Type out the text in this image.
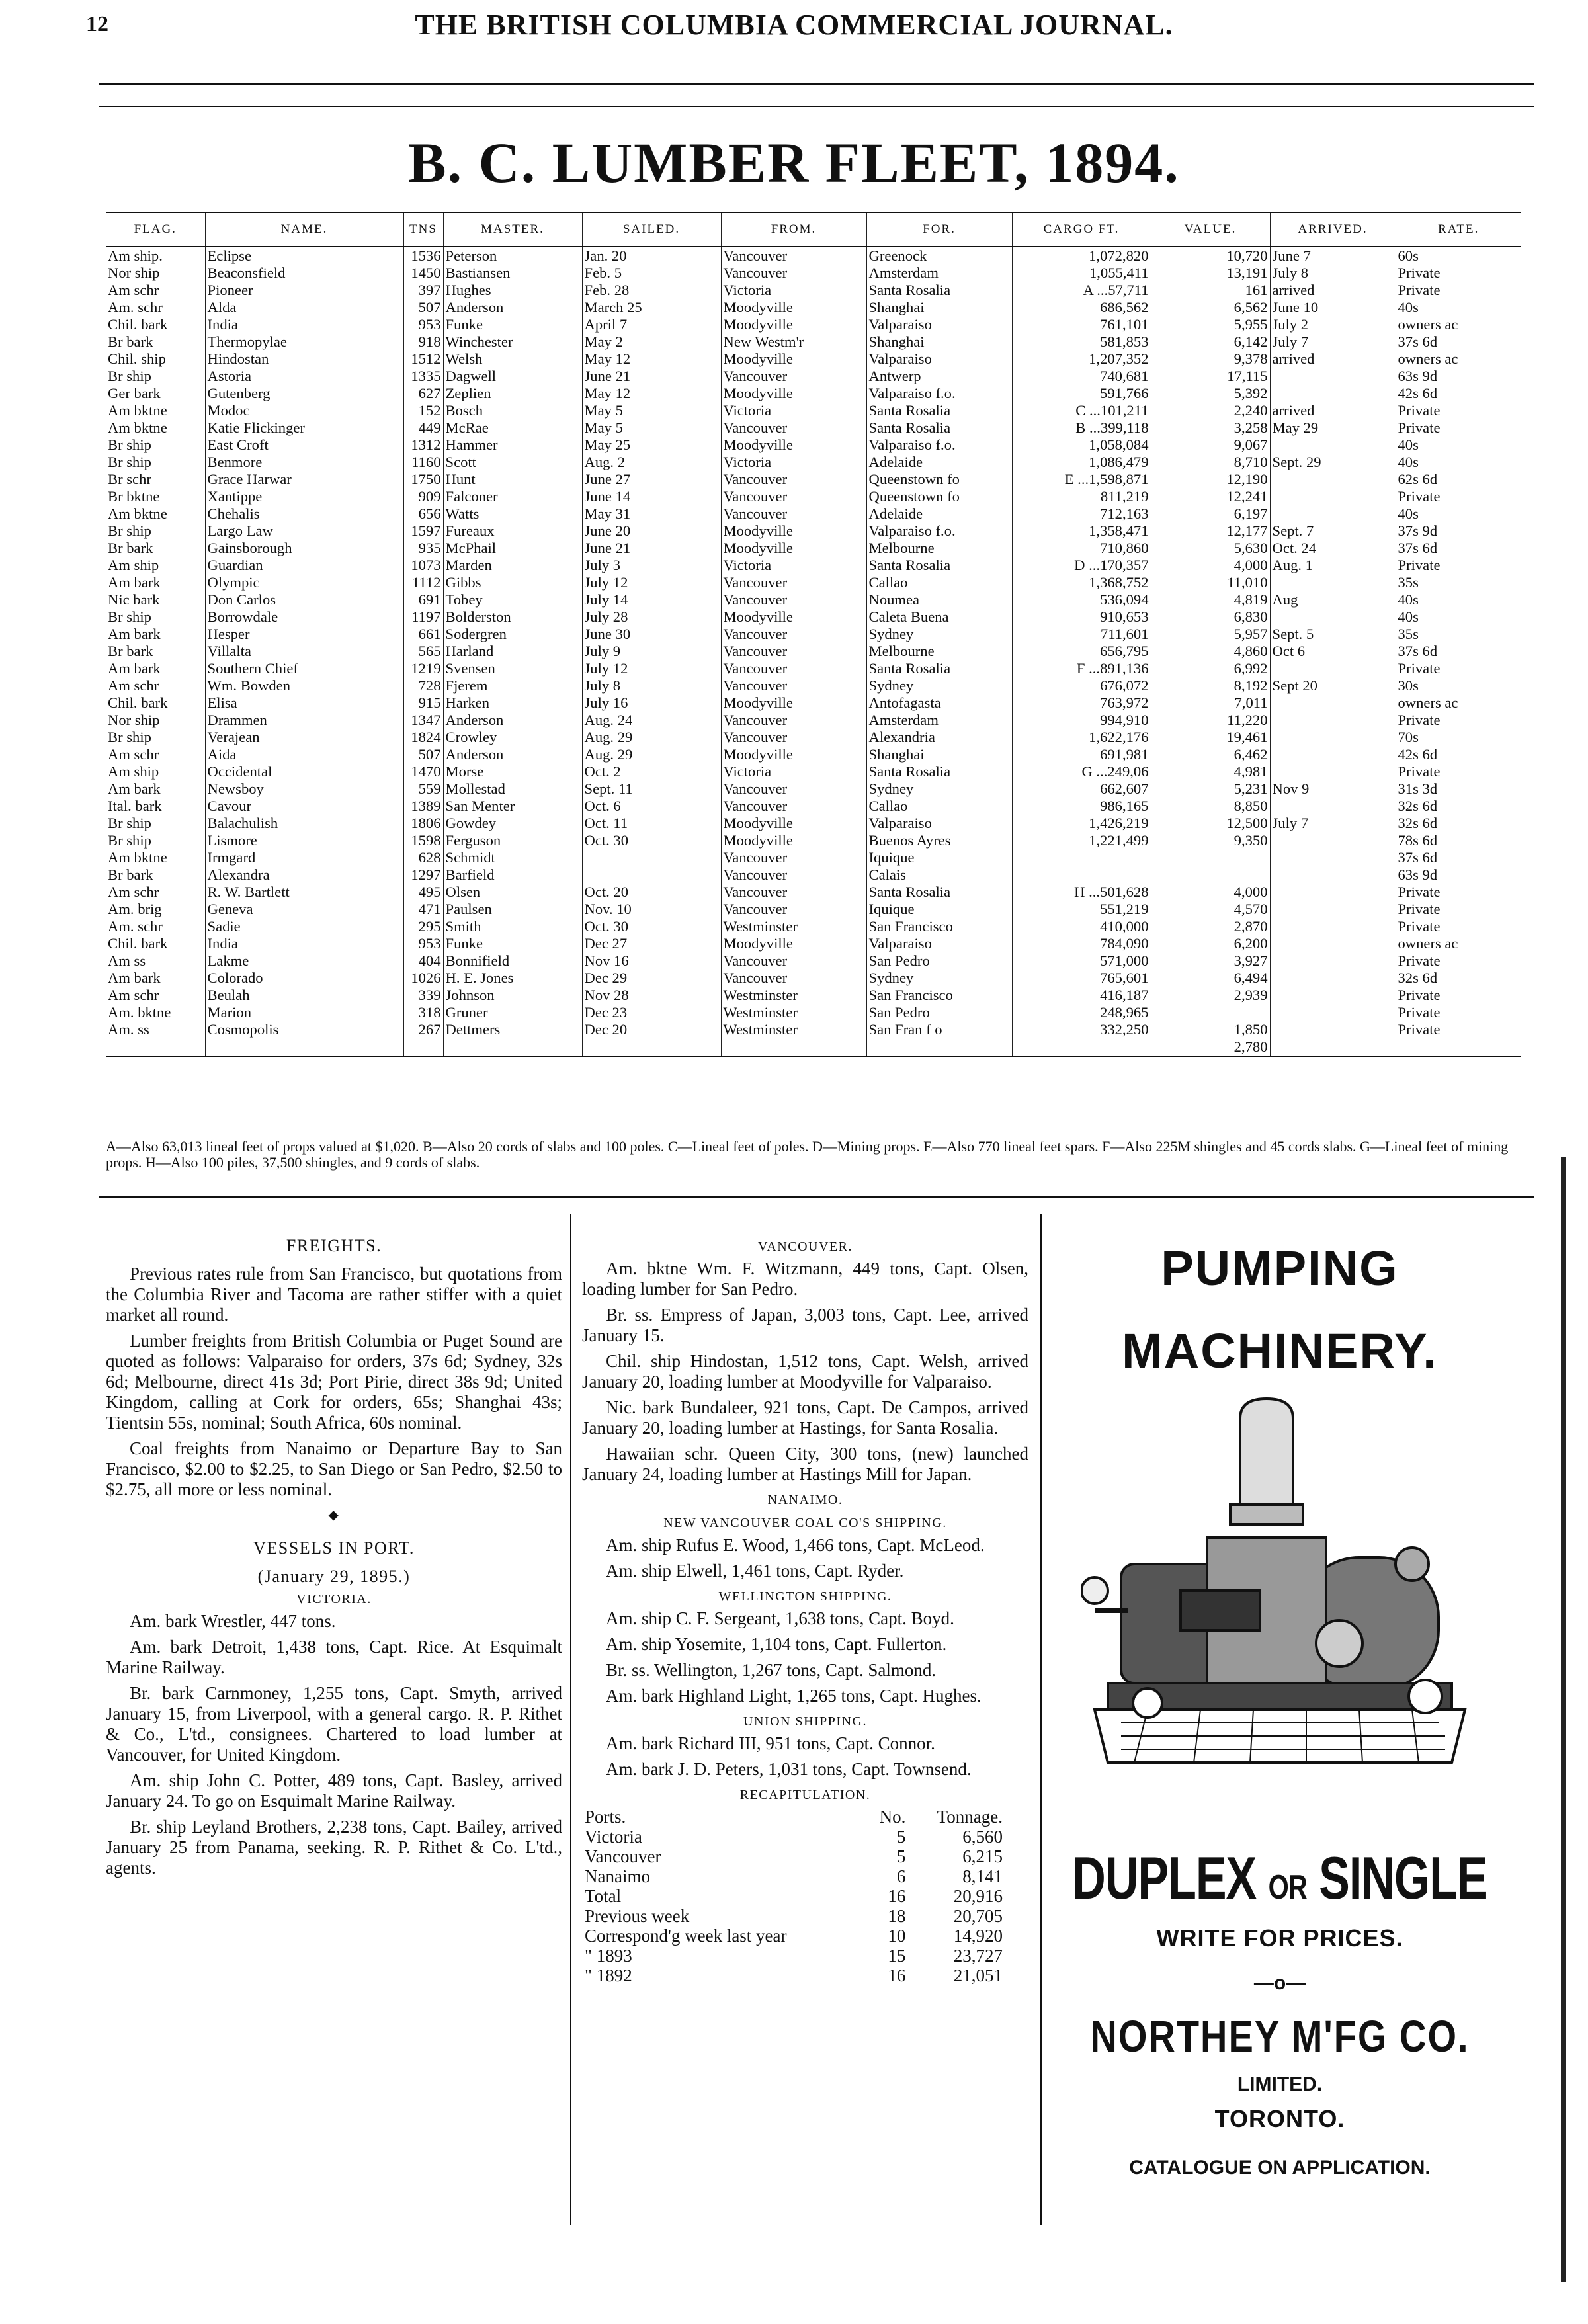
12	THE BRITISH COLUMBIA COMMERCIAL JOURNAL.
B. C. LUMBER FLEET, 1894.
FLAG.	NAME.	TNS	MASTER.	SAILED.	FROM.	FOR.	CARGO FT.	VALUE.	ARRIVED.	RATE.
Am ship.	Eclipse	1536	Peterson	Jan. 20	Vancouver	Greenock	1,072,820	10,720	June 7	60s
Nor ship	Beaconsfield	1450	Bastiansen	Feb. 5	Vancouver	Amsterdam	1,055,411	13,191	July 8	Private
Am schr	Pioneer	397	Hughes	Feb. 28	Victoria	Santa Rosalia	A ...57,711	161	arrived	Private
Am. schr	Alda	507	Anderson	March 25	Moodyville	Shanghai	686,562	6,562	June 10	40s
Chil. bark	India	953	Funke	April 7	Moodyville	Valparaiso	761,101	5,955	July 2	owners ac
Br bark	Thermopylae	918	Winchester	May 2	New Westm'r	Shanghai	581,853	6,142	July 7	37s 6d
Chil. ship	Hindostan	1512	Welsh	May 12	Moodyville	Valparaiso	1,207,352	9,378	arrived	owners ac
Br ship	Astoria	1335	Dagwell	June 21	Vancouver	Antwerp	740,681	17,115		63s 9d
Ger bark	Gutenberg	627	Zeplien	May 12	Moodyville	Valparaiso f.o.	591,766	5,392		42s 6d
Am bktne	Modoc	152	Bosch	May 5	Victoria	Santa Rosalia	C ...101,211	2,240	arrived	Private
Am bktne	Katie Flickinger	449	McRae	May 5	Vancouver	Santa Rosalia	B ...399,118	3,258	May 29	Private
Br ship	East Croft	1312	Hammer	May 25	Moodyville	Valparaiso f.o.	1,058,084	9,067		40s
Br ship	Benmore	1160	Scott	Aug. 2	Victoria	Adelaide	1,086,479	8,710	Sept. 29	40s
Br schr	Grace Harwar	1750	Hunt	June 27	Vancouver	Queenstown fo	E ...1,598,871	12,190		62s 6d
Br bktne	Xantippe	909	Falconer	June 14	Vancouver	Queenstown fo	811,219	12,241		Private
Am bktne	Chehalis	656	Watts	May 31	Vancouver	Adelaide	712,163	6,197		40s
Br ship	Largo Law	1597	Fureaux	June 20	Moodyville	Valparaiso f.o.	1,358,471	12,177	Sept. 7	37s 9d
Br bark	Gainsborough	935	McPhail	June 21	Moodyville	Melbourne	710,860	5,630	Oct. 24	37s 6d
Am ship	Guardian	1073	Marden	July 3	Victoria	Santa Rosalia	D ...170,357	4,000	Aug. 1	Private
Am bark	Olympic	1112	Gibbs	July 12	Vancouver	Callao	1,368,752	11,010		35s
Nic bark	Don Carlos	691	Tobey	July 14	Vancouver	Noumea	536,094	4,819	Aug	40s
Br ship	Borrowdale	1197	Bolderston	July 28	Moodyville	Caleta Buena	910,653	6,830		40s
Am bark	Hesper	661	Sodergren	June 30	Vancouver	Sydney	711,601	5,957	Sept. 5	35s
Br bark	Villalta	565	Harland	July 9	Vancouver	Melbourne	656,795	4,860	Oct 6	37s 6d
Am bark	Southern Chief	1219	Svensen	July 12	Vancouver	Santa Rosalia	F ...891,136	6,992		Private
Am schr	Wm. Bowden	728	Fjerem	July 8	Vancouver	Sydney	676,072	8,192	Sept 20	30s
Chil. bark	Elisa	915	Harken	July 16	Moodyville	Antofagasta	763,972	7,011		owners ac
Nor ship	Drammen	1347	Anderson	Aug. 24	Vancouver	Amsterdam	994,910	11,220		Private
Br ship	Verajean	1824	Crowley	Aug. 29	Vancouver	Alexandria	1,622,176	19,461		70s
Am schr	Aida	507	Anderson	Aug. 29	Moodyville	Shanghai	691,981	6,462		42s 6d
Am ship	Occidental	1470	Morse	Oct. 2	Victoria	Santa Rosalia	G ...249,06	4,981		Private
Am bark	Newsboy	559	Mollestad	Sept. 11	Vancouver	Sydney	662,607	5,231	Nov 9	31s 3d
Ital. bark	Cavour	1389	San Menter	Oct. 6	Vancouver	Callao	986,165	8,850		32s 6d
Br ship	Balachulish	1806	Gowdey	Oct. 11	Moodyville	Valparaiso	1,426,219	12,500	July 7	32s 6d
Br ship	Lismore	1598	Ferguson	Oct. 30	Moodyville	Buenos Ayres	1,221,499	9,350		78s 6d
Am bktne	Irmgard	628	Schmidt		Vancouver	Iquique				37s 6d
Br bark	Alexandra	1297	Barfield		Vancouver	Calais				63s 9d
Am schr	R. W. Bartlett	495	Olsen	Oct. 20	Vancouver	Santa Rosalia	H ...501,628	4,000		Private
Am. brig	Geneva	471	Paulsen	Nov. 10	Vancouver	Iquique	551,219	4,570		Private
Am. schr	Sadie	295	Smith	Oct. 30	Westminster	San Francisco	410,000	2,870		Private
Chil. bark	India	953	Funke	Dec 27	Moodyville	Valparaiso	784,090	6,200		owners ac
Am ss	Lakme	404	Bonnifield	Nov 16	Vancouver	San Pedro	571,000	3,927		Private
Am bark	Colorado	1026	H. E. Jones	Dec 29	Vancouver	Sydney	765,601	6,494		32s 6d
Am schr	Beulah	339	Johnson	Nov 28	Westminster	San Francisco	416,187	2,939		Private
Am. bktne	Marion	318	Gruner	Dec 23	Westminster	San Pedro	248,965			Private
Am. ss	Cosmopolis	267	Dettmers	Dec 20	Westminster	San Fran f o	332,250	1,850		Private
								2,780		
A—Also 63,013 lineal feet of props valued at $1,020. B—Also 20 cords of slabs and 100 poles. C—Lineal feet of poles. D—Mining props. E—Also 770 lineal feet spars. F—Also 225M shingles and 45 cords slabs. G—Lineal feet of mining props. H—Also 100 piles, 37,500 shingles, and 9 cords of slabs.
FREIGHTS.

Previous rates rule from San Francisco, but quotations from the Columbia River and Tacoma are rather stiffer with a quiet market all round.

Lumber freights from British Columbia or Puget Sound are quoted as follows: Valparaiso for orders, 37s 6d; Sydney, 32s 6d; Melbourne, direct 41s 3d; Port Pirie, direct 38s 9d; United Kingdom, calling at Cork for orders, 65s; Shanghai 43s; Tientsin 55s, nominal; South Africa, 60s nominal.

Coal freights from Nanaimo or Departure Bay to San Francisco, $2.00 to $2.25, to San Diego or San Pedro, $2.50 to $2.75, all more or less nominal.

——◆——
VESSELS IN PORT.
(January 29, 1895.)
VICTORIA.

Am. bark Wrestler, 447 tons.

Am. bark Detroit, 1,438 tons, Capt. Rice. At Esquimalt Marine Railway.

Br. bark Carnmoney, 1,255 tons, Capt. Smyth, arrived January 15, from Liverpool, with a general cargo. R. P. Rithet & Co., L'td., consignees. Chartered to load lumber at Vancouver, for United Kingdom.

Am. ship John C. Potter, 489 tons, Capt. Basley, arrived January 24. To go on Esquimalt Marine Railway.

Br. ship Leyland Brothers, 2,238 tons, Capt. Bailey, arrived January 25 from Panama, seeking. R. P. Rithet & Co. L'td., agents.

VANCOUVER.

Am. bktne Wm. F. Witzmann, 449 tons, Capt. Olsen, loading lumber for San Pedro.

Br. ss. Empress of Japan, 3,003 tons, Capt. Lee, arrived January 15.

Chil. ship Hindostan, 1,512 tons, Capt. Welsh, arrived January 20, loading lumber at Moodyville for Valparaiso.

Nic. bark Bundaleer, 921 tons, Capt. De Campos, arrived January 20, loading lumber at Hastings, for Santa Rosalia.

Hawaiian schr. Queen City, 300 tons, (new) launched January 24, loading lumber at Hastings Mill for Japan.

NANAIMO.
NEW VANCOUVER COAL CO'S SHIPPING.

Am. ship Rufus E. Wood, 1,466 tons, Capt. McLeod.

Am. ship Elwell, 1,461 tons, Capt. Ryder.

WELLINGTON SHIPPING.

Am. ship C. F. Sergeant, 1,638 tons, Capt. Boyd.

Am. ship Yosemite, 1,104 tons, Capt. Fullerton.

Br. ss. Wellington, 1,267 tons, Capt. Salmond.

Am. bark Highland Light, 1,265 tons, Capt. Hughes.

UNION SHIPPING.

Am. bark Richard III, 951 tons, Capt. Connor.

Am. bark J. D. Peters, 1,031 tons, Capt. Townsend.

RECAPITULATION.
Ports.	No.	Tonnage.
Victoria	5	6,560
Vancouver	5	6,215
Nanaimo	6	8,141
Total	16	20,916
Previous week	18	20,705
Correspond'g week last year	10	14,920
" 1893	15	23,727
" 1892	16	21,051
PUMPING
MACHINERY.
DUPLEX OR SINGLE
WRITE FOR PRICES.
—o—
NORTHEY M'FG CO.
LIMITED.
TORONTO.
CATALOGUE ON APPLICATION.
